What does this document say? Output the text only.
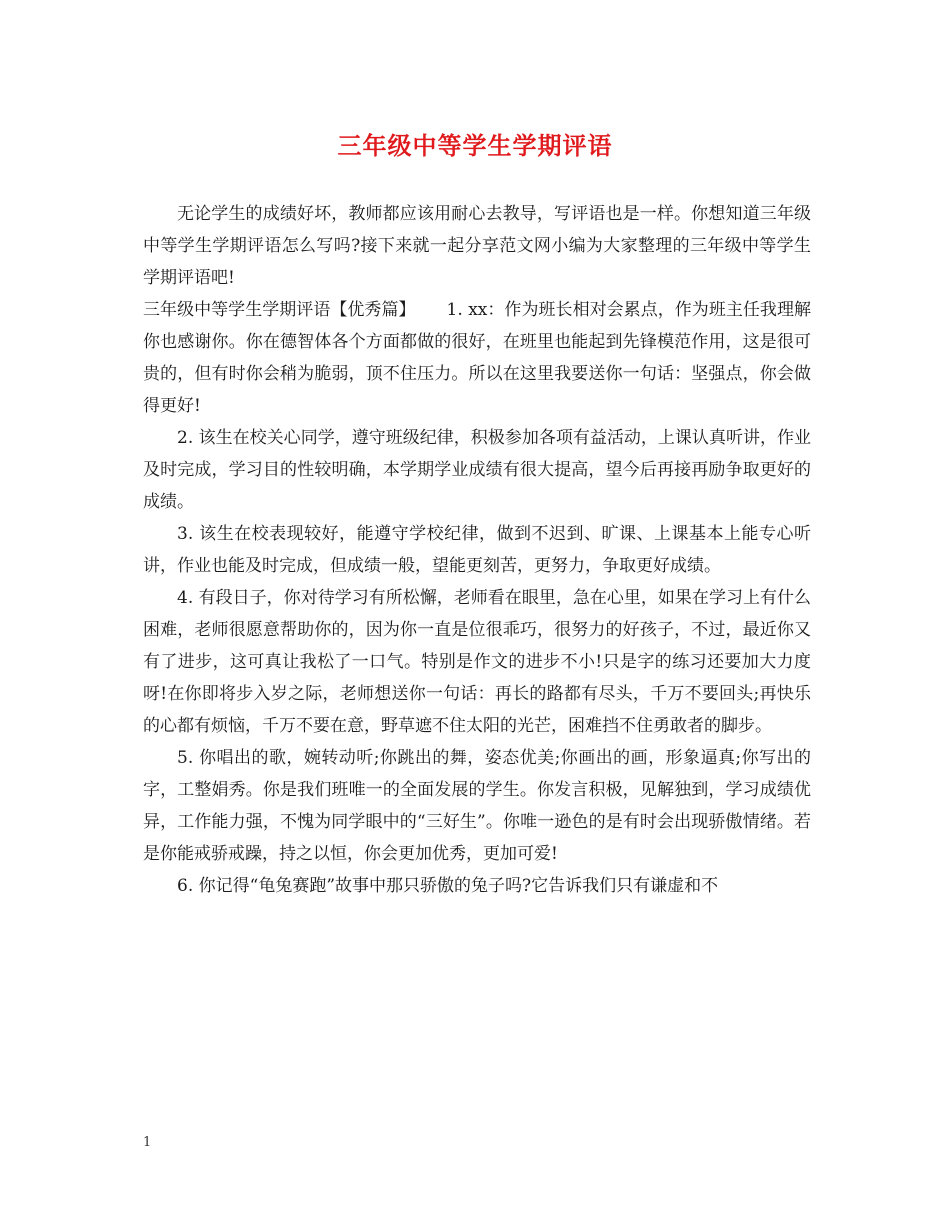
三年级中等学生学期评语

无论学生的成绩好坏，教师都应该用耐心去教导，写评语也是一样。你想知道三年级中等学生学期评语怎么写吗?接下来就一起分享范文网小编为大家整理的三年级中等学生学期评语吧!

三年级中等学生学期评语【优秀篇】　　 1. xx：作为班长相对会累点，作为班主任我理解你也感谢你。你在德智体各个方面都做的很好，在班里也能起到先锋模范作用，这是很可贵的，但有时你会稍为脆弱，顶不住压力。所以在这里我要送你一句话：坚强点，你会做得更好!

2. 该生在校关心同学，遵守班级纪律，积极参加各项有益活动，上课认真听讲，作业及时完成，学习目的性较明确，本学期学业成绩有很大提高，望今后再接再励争取更好的成绩。

3. 该生在校表现较好，能遵守学校纪律，做到不迟到、旷课、上课基本上能专心听讲，作业也能及时完成，但成绩一般，望能更刻苦，更努力，争取更好成绩。

4. 有段日子，你对待学习有所松懈，老师看在眼里，急在心里，如果在学习上有什么困难，老师很愿意帮助你的，因为你一直是位很乖巧，很努力的好孩子，不过，最近你又有了进步，这可真让我松了一口气。特别是作文的进步不小!只是字的练习还要加大力度呀!在你即将步入岁之际，老师想送你一句话：再长的路都有尽头，千万不要回头;再快乐的心都有烦恼，千万不要在意，野草遮不住太阳的光芒，困难挡不住勇敢者的脚步。

5. 你唱出的歌，婉转动听;你跳出的舞，姿态优美;你画出的画，形象逼真;你写出的字，工整娟秀。你是我们班唯一的全面发展的学生。你发言积极，见解独到，学习成绩优异，工作能力强，不愧为同学眼中的“三好生”。你唯一逊色的是有时会出现骄傲情绪。若是你能戒骄戒躁，持之以恒，你会更加优秀，更加可爱!

6. 你记得“龟兔赛跑”故事中那只骄傲的兔子吗?它告诉我们只有谦虚和不

1
